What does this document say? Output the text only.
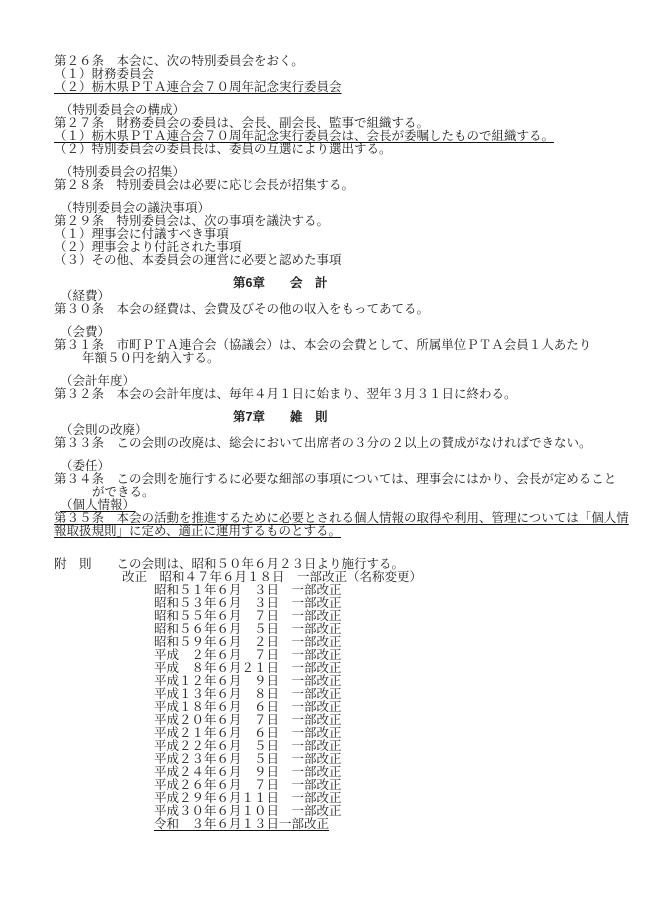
第２６条　本会に、次の特別委員会をおく。
（１）財務委員会
（２）栃木県ＰＴＡ連合会７０周年記念実行委員会
（特別委員会の構成）
第２７条　財務委員会の委員は、会長、副会長、監事で組織する。
（１）栃木県ＰＴＡ連合会７０周年記念実行委員会は、会長が委嘱したもので組織する。
（２）特別委員会の委員長は、委員の互選により選出する。
（特別委員会の招集）
第２８条　特別委員会は必要に応じ会長が招集する。
（特別委員会の議決事項）
第２９条　特別委員会は、次の事項を議決する。
（１）理事会に付議すべき事項
（２）理事会より付託された事項
（３）その他、本委員会の運営に必要と認めた事項
第6章　　会　計
（経費）
第３０条　本会の経費は、会費及びその他の収入をもってあてる。
（会費）
第３１条　市町ＰＴＡ連合会（協議会）は、本会の会費として、所属単位ＰＴＡ会員１人あたり
年額５０円を納入する。
（会計年度）
第３２条　本会の会計年度は、毎年４月１日に始まり、翌年３月３１日に終わる。
第7章　　雑　則
（会則の改廃）
第３３条　この会則の改廃は、総会において出席者の３分の２以上の賛成がなければできない。
（委任）
第３４条　この会則を施行するに必要な細部の事項については、理事会にはかり、会長が定めること
ができる。
（個人情報）
第３５条　本会の活動を推進するために必要とされる個人情報の取得や利用、管理については「個人情
報取扱規則」に定め、適正に運用するものとする。
附　則　　この会則は、昭和５０年６月２３日より施行する。
改正　昭和４７年６月１８日　一部改正（名称変更）
昭和５１年６月　３日　一部改正
昭和５３年６月　３日　一部改正
昭和５５年６月　７日　一部改正
昭和５６年６月　５日　一部改正
昭和５９年６月　２日　一部改正
平成　２年６月　７日　一部改正
平成　８年６月２１日　一部改正
平成１２年６月　９日　一部改正
平成１３年６月　８日　一部改正
平成１８年６月　６日　一部改正
平成２０年６月　７日　一部改正
平成２１年６月　６日　一部改正
平成２２年６月　５日　一部改正
平成２３年６月　５日　一部改正
平成２４年６月　９日　一部改正
平成２６年６月　７日　一部改正
平成２９年６月１１日　一部改正
平成３０年６月１０日　一部改正
令和　３年６月１３日一部改正
